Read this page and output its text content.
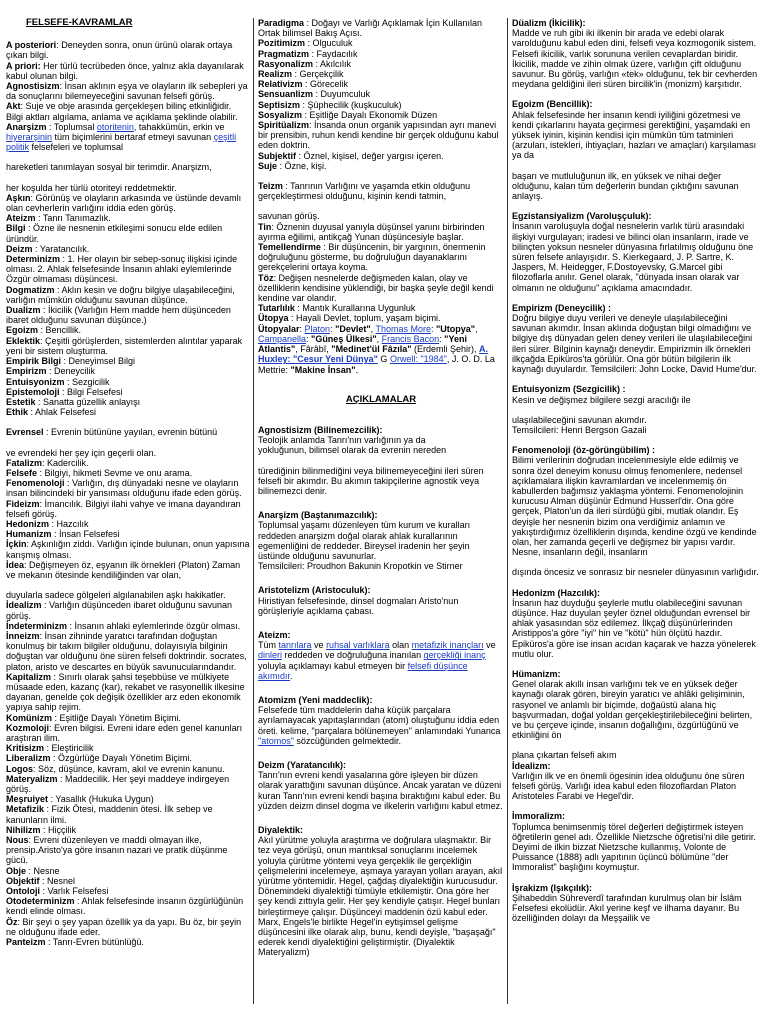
FELSEFE-KAVRAMLAR

A posteriori: Deneyden sonra, onun ürünü olarak ortaya çıkan bilgi.

A priori: Her türlü tecrübeden önce, yalnız akla dayanılarak kabul olunan bilgi.

Agnostisizm: İnsan aklının eşya ve olayların ilk sebepleri ya da sonuçlarını bilemeyeceğini savunan felsefi görüş.

Akt: Suje ve obje arasında gerçekleşen bilinç etkinliğidir. Bilgi aktları algılama, anlama ve açıklama şeklinde olabilir.

Anarşizm : Toplumsal otoritenin, tahakkümün, erkin ve hiyerarşinin tüm biçimlerini bertaraf etmeyi savunan çeşitli politik felsefeleri ve toplumsal

hareketleri tanımlayan sosyal bir terimdir. Anarşizm,

her koşulda her türlü otoriteyi reddetmektir.

Aşkın: Görünüş ve olayların arkasında ve üstünde devamlı olan cevherlerin varlığını iddia eden görüş.

Ateizm : Tanrı Tanımazlık.

Bilgi : Özne ile nesnenin etkileşimi sonucu elde edilen üründür.

Deizm : Yaratancılık.

Determinizm : 1. Her olayın bir sebep-sonuç ilişkisi içinde olması. 2. Ahlak felsefesinde İnsanın ahlaki eylemlerinde Özgür olmaması düşüncesi.

Dogmatizm : Aklın kesin ve doğru bilgiye ulaşabileceğini, varlığın mümkün olduğunu savunan düşünce.

Dualizm : İkicilik (Varlığın Hem madde hem düşünceden ibaret olduğunu savunan düşünce.)

Egoizm : Bencillik.

Eklektik: Çeşitli görüşlerden, sistemlerden alıntılar yaparak yeni bir sistem oluşturma.

Empirik Bilgi : Deneyimsel Bilgi

Empirizm : Deneycilik

Entuisyonizm : Sezgicilik

Epistemoloji : Bilgi Felsefesi

Estetik : Sanatta güzellik anlayışı

Ethik : Ahlak Felsefesi

Evrensel : Evrenin bütününe yayılan, evrenin bütünü

ve evrendeki her şey için geçerli olan.

Fatalizm: Kadercilik.

Felsefe : Bilgiyi, hikmeti Sevme ve onu arama.

Fenomenoloji : Varlığın, dış dünyadaki nesne ve olayların insan bilincindeki bir yansıması olduğunu ifade eden görüş.

Fideizm: İmancılık. Bilgiyi ilahi vahye ve imana dayandıran felsefi görüş.

Hedonizm : Hazcılık

Humanizm : İnsan Felsefesi

İçkin: Aşkınlığın ziddı. Varlığın içinde bulunan, onun yapısına karışmış olması.

İdea: Değişmeyen öz, eşyanın ilk örnekleri (Platon) Zaman ve mekanın ötesinde kendiliğinden var olan,

duyularla sadece gölgeleri algılanabilen aşkı hakikatler.

İdealizm : Varlığın düşünceden ibaret olduğunu savunan görüş.

İndeterminizm : İnsanın ahlaki eylemlerinde özgür olması.

İnneizm: İnsan zihninde yaratıcı tarafından doğuştan konulmuş bir takım bilgiler olduğunu, dolayısıyla bilginin doğuştan var olduğunu öne süren felsefi doktrindir. socrates, platon, aristo ve descartes en büyük savunucularındandır.

Kapitalizm : Sınırlı olarak şahsi teşebbüse ve mülkiyete müsaade eden, kazanç (kar), rekabet ve rasyonellik ilkesine dayanan, genelde çok değişik özellikler arz eden ekonomik yapıya sahip rejim.

Komünizm : Eşitliğe Dayalı Yönetim Biçimi.

Kozmoloji: Evren bilgisi. Evreni idare eden genel kanunları araştıran ilim.

Kritisizm : Eleştiricilik

Liberalizm : Özgürlüğe Dayalı Yönetim Biçimi.

Logos: Söz, düşünce, kavram, akıl ve evrenin kanunu.

Materyalizm : Maddecilik. Her şeyi maddeye indirgeyen görüş.

Meşruiyet : Yasallık (Hukuka Uygun)

Metafizik : Fizik Ötesi, maddenin ötesi. İlk sebep ve kanunların ilmi.

Nihilizm : Hiççilik

Nous: Evreni düzenleyen ve maddi olmayan ilke, prensip.Aristo'ya göre insanın nazari ve pratik düşünme gücü.

Obje : Nesne

Objektif : Nesnel

Ontoloji : Varlık Felsefesi

Otodeterminizm : Ahlak felsefesinde insanın özgürlüğünün kendi elinde olması.

Öz: Bir şeyi o şey yapan özellik ya da yapı. Bu öz, bir şeyin ne olduğunu ifade eder.

Panteizm : Tanrı-Evren bütünlüğü.

Paradigma : Doğayı ve Varlığı Açıklamak İçin Kullanılan Ortak bilimsel Bakış Açısı.

Pozitimizm : Olguculuk

Pragmatizm : Faydacılık

Rasyonalizm : Akılcılık

Realizm : Gerçekçilik

Relativizm : Görecelik

Sensuanlizm : Duyumculuk

Septisizm : Şüphecilik (kuşkuculuk)

Sosyalizm : Eşitliğe Dayalı Ekonomik Düzen

Spiritüalizm: İnsanda onun organik yapısından ayrı manevi bir prensibin, ruhun kendi kendine bir gerçek olduğunu kabul eden doktrin.

Subjektif : Öznel, kişisel, değer yargısı içeren.

Suje : Özne, kişi.

Teizm : Tanrının Varlığını ve yaşamda etkin olduğunu gerçekleştirmesi olduğunu, kişinin kendi tatmin,

savunan görüş.

Tin: Öznenin duyusal yanıyla düşünsel yanını birbirinden ayırma eğilimi, antikçağ Yunan düşüncesiyle başlar.

Temellendirme : Bir düşüncenin, bir yargının, önermenin doğruluğunu gösterme, bu doğruluğun dayanaklarını gerekçelerini ortaya koyma.

Töz: Değişen nesnelerde değişmeden kalan, olay ve özelliklerin kendisine yüklendiği, bir başka şeyle değil kendi kendine var olandır.

Tutarlılık : Mantık Kurallarına Uygunluk

Ütopya : Hayali Devlet, toplum, yaşam biçimi.

Ütopyalar: Platon: "Devlet", Thomas More: "Utopya", Campanella: "Güneş Ülkesi", Francis Bacon: "Yeni Atlantis", Fârâbî, "Medinet'ül Fâzıla" (Erdemli Şehir), A. Huxley: "Cesur Yeni Dünya" G Orwell: "1984", J. O. D. La Mettrie: "Makine İnsan".

AÇIKLAMALAR

Agnostisizm (Bilinemezcilik):

Teolojik anlamda Tanrı'nın varlığının ya da

yokluğunun, bilimsel olarak da evrenin nereden

türediğinin bilinmediğini veya bilinemeyeceğini ileri süren felsefi bir akımdır. Bu akımın takipçilerine agnostik veya bilinemezci denir.

Anarşizm (Baştanımazcılık):

Toplumsal yaşamı düzenleyen tüm kurum ve kuralları reddeden anarşizm doğal olarak ahlak kurallarının egemenliğini de reddeder. Bireysel iradenin her şeyin üstünde olduğunu savunurlar.

Temsilcileri: Proudhon Bakunin Kropotkin ve Stirner

Aristotelizm (Aristoculuk):

Hiristiyan felsefesinde, dinsel dogmaları Aristo'nun görüşleriyle açıklama çabası.

Ateizm:

Tüm tanrılara ve ruhsal varlıklara olan metafizik inançları ve dinleri reddeden ve doğruluğuna inanılan gerçekliği inanç yoluyla açıklamayı kabul etmeyen bir felsefi düşünce akımıdır.

Atomizm (Yeni maddeclik):

Felsefede tüm maddelerin daha küçük parçalara ayrılamayacak yapıtaşlarından (atom) oluştuğunu iddia eden öreti. kelime, "parçalara bölünemeyen" anlamındaki Yunanca "atomos" sözcüğünden gelmektedir.

Deizm (Yaratancılık):

Tanrı'nın evreni kendi yasalarına göre işleyen bir düzen olarak yarattığını savunan düşünce. Ancak yaratan ve düzeni kuran Tanrı'nın evreni kendi başına bıraktığını kabul eder. Bu yüzden deizm dinsel dogma ve ilkelerin varlığını kabul etmez.

Diyalektik:

Akıl yürütme yoluyla araştırma ve doğrulara ulaşmaktır. Bir tez veya görüşü, onun mantıksal sonuçlarını incelemek yoluyla çürütme yöntemi veya gerçeklik ile gerçekliğin çelişmelerini incelemeye, aşmaya yarayan yolları arayan, akıl yürütme yöntemidir. Hegel, çağdaş diyalektiğin kurucusudur. Dönemindeki diyalektiği tümüyle etkilemiştir. Ona göre her şey kendi zıttıyla gelir. Her şey kendiyle çatışır. Hegel bunları birleştirmeye çalışır. Düşünceyi maddenin özü kabul eder. Marx, Engels'le birlikte Hegel'in eytişimsel gelişme düşüncesini ilke olarak alıp, bunu, kendi deyişle, "başaşağı" ederek kendi diyalektiğini geliştirmiştir. (Diyalektik Materyalizm)

Düalizm (İkicilik):

Madde ve ruh gibi iki ilkenin bir arada ve edebi olarak varolduğunu kabul eden dini, felsefi veya kozmogonik sistem. Felsefi ikicilik, varlık sorununa verilen cevaplardan biridir. İkicilik, madde ve zihin olmak üzere, varlığın çift olduğunu savunur. Bu görüş, varlığın «tek» olduğunu, tek bir cevherden meydana geldiğini ileri süren bircilik'in (monizm) karşıtıdır.

Egoizm (Bencillik):

Ahlak felsefesinde her insanın kendi iyiliğini gözetmesi ve kendi çıkarlarını hayata geçirmesi gerektiğini, yaşamdaki en yüksek iyinin, kişinin kendisi için mümkün tüm tatminleri (arzuları, istekleri, ihtiyaçları, hazları ve amaçları) karşılaması ya da

başarı ve mutluluğunun ilk, en yüksek ve nihai değer olduğunu, kalan tüm değerlerin bundan çıktığını savunan anlayış.

Egzistansiyalizm (Varoluşçuluk):

İnsanın varoluşuyla doğal nesnelerin varlık türü arasındaki ilişkiyi vurgulayan; iradesi ve bilinci olan insanların, irade ve bilinçten yoksun nesneler dünyasına fırlatılmış olduğunu öne süren felsefe anlayışıdır. S. Kierkegaard, J. P. Sartre, K. Jaspers, M. Heidegger, F.Dostoyevsky, G.Marcel gibi filozoflarla anılır. Genel olarak, "dünyada insan olarak var olmanın ne olduğunu" açıklama amacındadır.

Empirizm (Deneycilik) :

Doğru bilgiye duyu verileri ve deneyle ulaşılabileceğini savunan akımdır. İnsan aklında doğuştan bilgi olmadığını ve bilgiye dış dünyadan gelen deney verileri ile ulaşılabileceğini ileri sürer. Bilginin kaynağı deneydir. Empirizmin ilk örnekleri ilkçağda Epiküros'ta görülür. Ona gör bütün bilgilerin ilk kaynağı duyulardır. Temsilcileri: John Locke, David Hume'dur.

Entuisyonizm (Sezgicilik) :

Kesin ve değişmez bilgilere sezgi aracılığı ile

ulaşılabileceğini savunan akımdır.

Temsilcileri: Henri Bergson Gazali

Fenomenoloji (öz-görüngübilim) :

Bilimi verilerinin doğrudan incelenmesiyle elde edilmiş ve sonra özel deneyim konusu olmuş fenomenlere, nedensel açıklamalara ilişkin kavramlardan ve incelenmemiş ön kabullerden bağımsız yaklaşma yöntemi. Fenomenolojinin kurucusu Alman düşünür Edmund Husserl'dir. Ona göre gerçek, Platon'un da ileri sürdüğü gibi, mutlak olandır. Eş deyişle her nesnenin bizim ona verdiğimiz anlamın ve yakıştırdığımız özelliklerin dışında, kendine özgü ve kendinde olan, her zamanda geçerli ve değişmez bir yapısı vardır. Nesne, insanların değil, insanların

dışında öncesiz ve sonrasız bir nesneler dünyasının varlığıdır.

Hedonizm (Hazcılık):

İnsanın haz duyduğu şeylerle mutlu olabileceğini savunan düşünce. Haz duyulan şeyler öznel olduğundan evrensel bir ahlak yasasından söz edilemez. İlkçağ düşünürlerinden Aristippos'a göre "iyi" hin ve "kötü" hün ölçütü hazdır. Epiküros'a göre ise insan acıdan kaçarak ve hazza yönelerek mutlu olur.

Hümanizm:

Genel olarak akıllı insan varlığını tek ve en yüksek değer kaynağı olarak gören, bireyin yaratıcı ve ahlâki gelişiminin, rasyonel ve anlamlı bir biçimde, doğaüstü alana hiç başvurmadan, doğal yoldan gerçekleştirilebileceğini belirten, ve bu çerçeve içinde, insanın doğallığını, özgürlüğünü ve etkinliğini ön

plana çıkartan felsefi akım

İdealizm:

Varlığın ilk ve en önemli ögesinin idea olduğunu öne süren felsefi görüş. Varlığı idea kabul eden filozoflardan Platon Aristoteles Farabi ve Hegel'dir.

İmmoralizm:

Toplumca benimsenmiş törel değerleri değiştirmek isteyen öğretilerin genel adı. Özellikle Nietzsche öğretisi'ni dile getirir. Deyimi de ilkin bizzat Nietzsche kullanmış, Volonte de Puissance (1888) adlı yapıtının üçüncü bölümüne "der Immoralist" başlığını koymuştur.

İşrakizm (Işıkçılık):

Şihabeddin Sühreverdî tarafından kurulmuş olan bir İslâm Felsefesi ekolüdür. Akıl yerine keşf ve ilhama dayanır. Bu özelliğinden dolayı da Meşşailik ve
